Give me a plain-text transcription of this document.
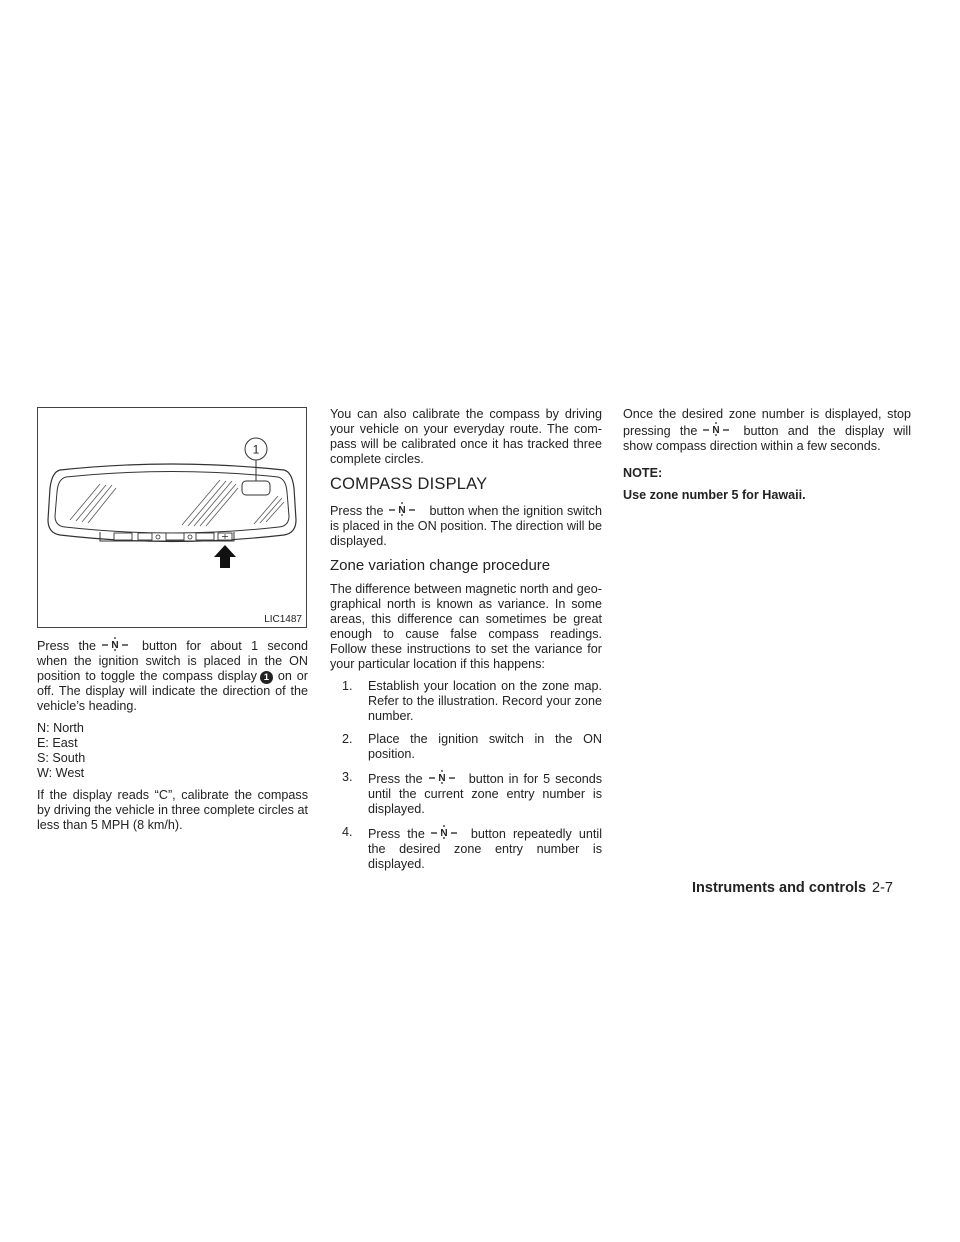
1
LIC1487

Press the N button for about 1 second when the ignition switch is placed in the ON position to toggle the compass display 1 on or off. The display will indicate the direction of the vehicle’s heading.

N: North
E: East
S: South
W: West

If the display reads “C”, calibrate the compass by driving the vehicle in three complete circles at less than 5 MPH (8 km/h).

You can also calibrate the compass by driving your vehicle on your everyday route. The com- pass will be calibrated once it has tracked three complete circles.

COMPASS DISPLAY

Press the N button when the ignition switch is placed in the ON position. The direction will be displayed.

Zone variation change procedure

The difference between magnetic north and geo- graphical north is known as variance. In some areas, this difference can sometimes be great enough to cause false compass readings. Follow these instructions to set the variance for your particular location if this happens:

1. Establish your location on the zone map. Refer to the illustration. Record your zone number.
2. Place the ignition switch in the ON position.
3. Press the N button in for 5 seconds until the current zone entry number is displayed.
4. Press the N button repeatedly until the desired zone entry number is displayed.

Once the desired zone number is displayed, stop pressing the N button and the display will show compass direction within a few seconds.

NOTE:

Use zone number 5 for Hawaii.

Instruments and controls 2-7
